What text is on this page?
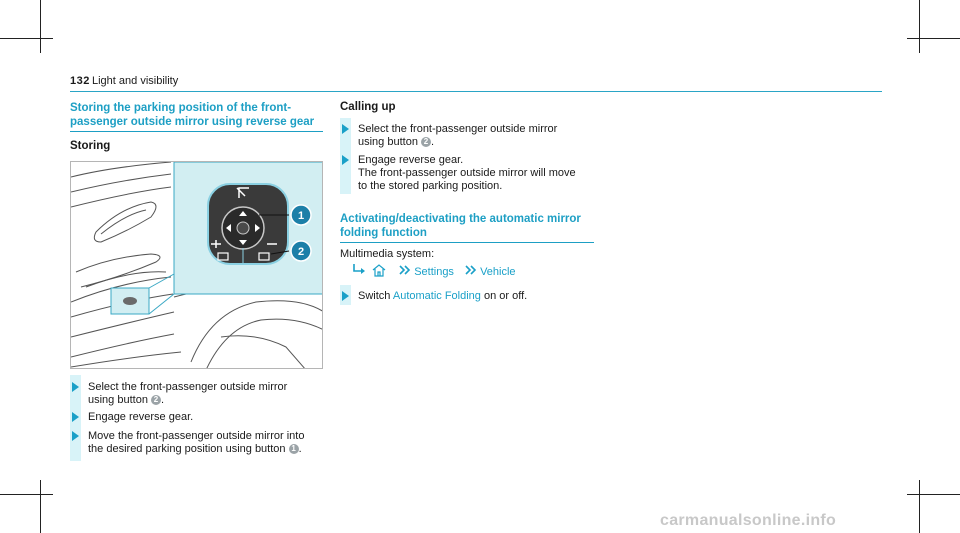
132 Light and visibility
Storing the parking position of the front-
passenger outside mirror using reverse gear
Storing
1
2
Select the front-passenger outside mirror
using button 2 .
Engage reverse gear.
Move the front-passenger outside mirror into
the desired parking position using button 1 .
Calling up
Select the front-passenger outside mirror
using button 2 .
Engage reverse gear.
The front-passenger outside mirror will move
to the stored parking position.
Activating/deactivating the automatic mirror
folding function
Multimedia system:
Settings Vehicle
Switch Automatic Folding on or off.
carmanualsonline.info
